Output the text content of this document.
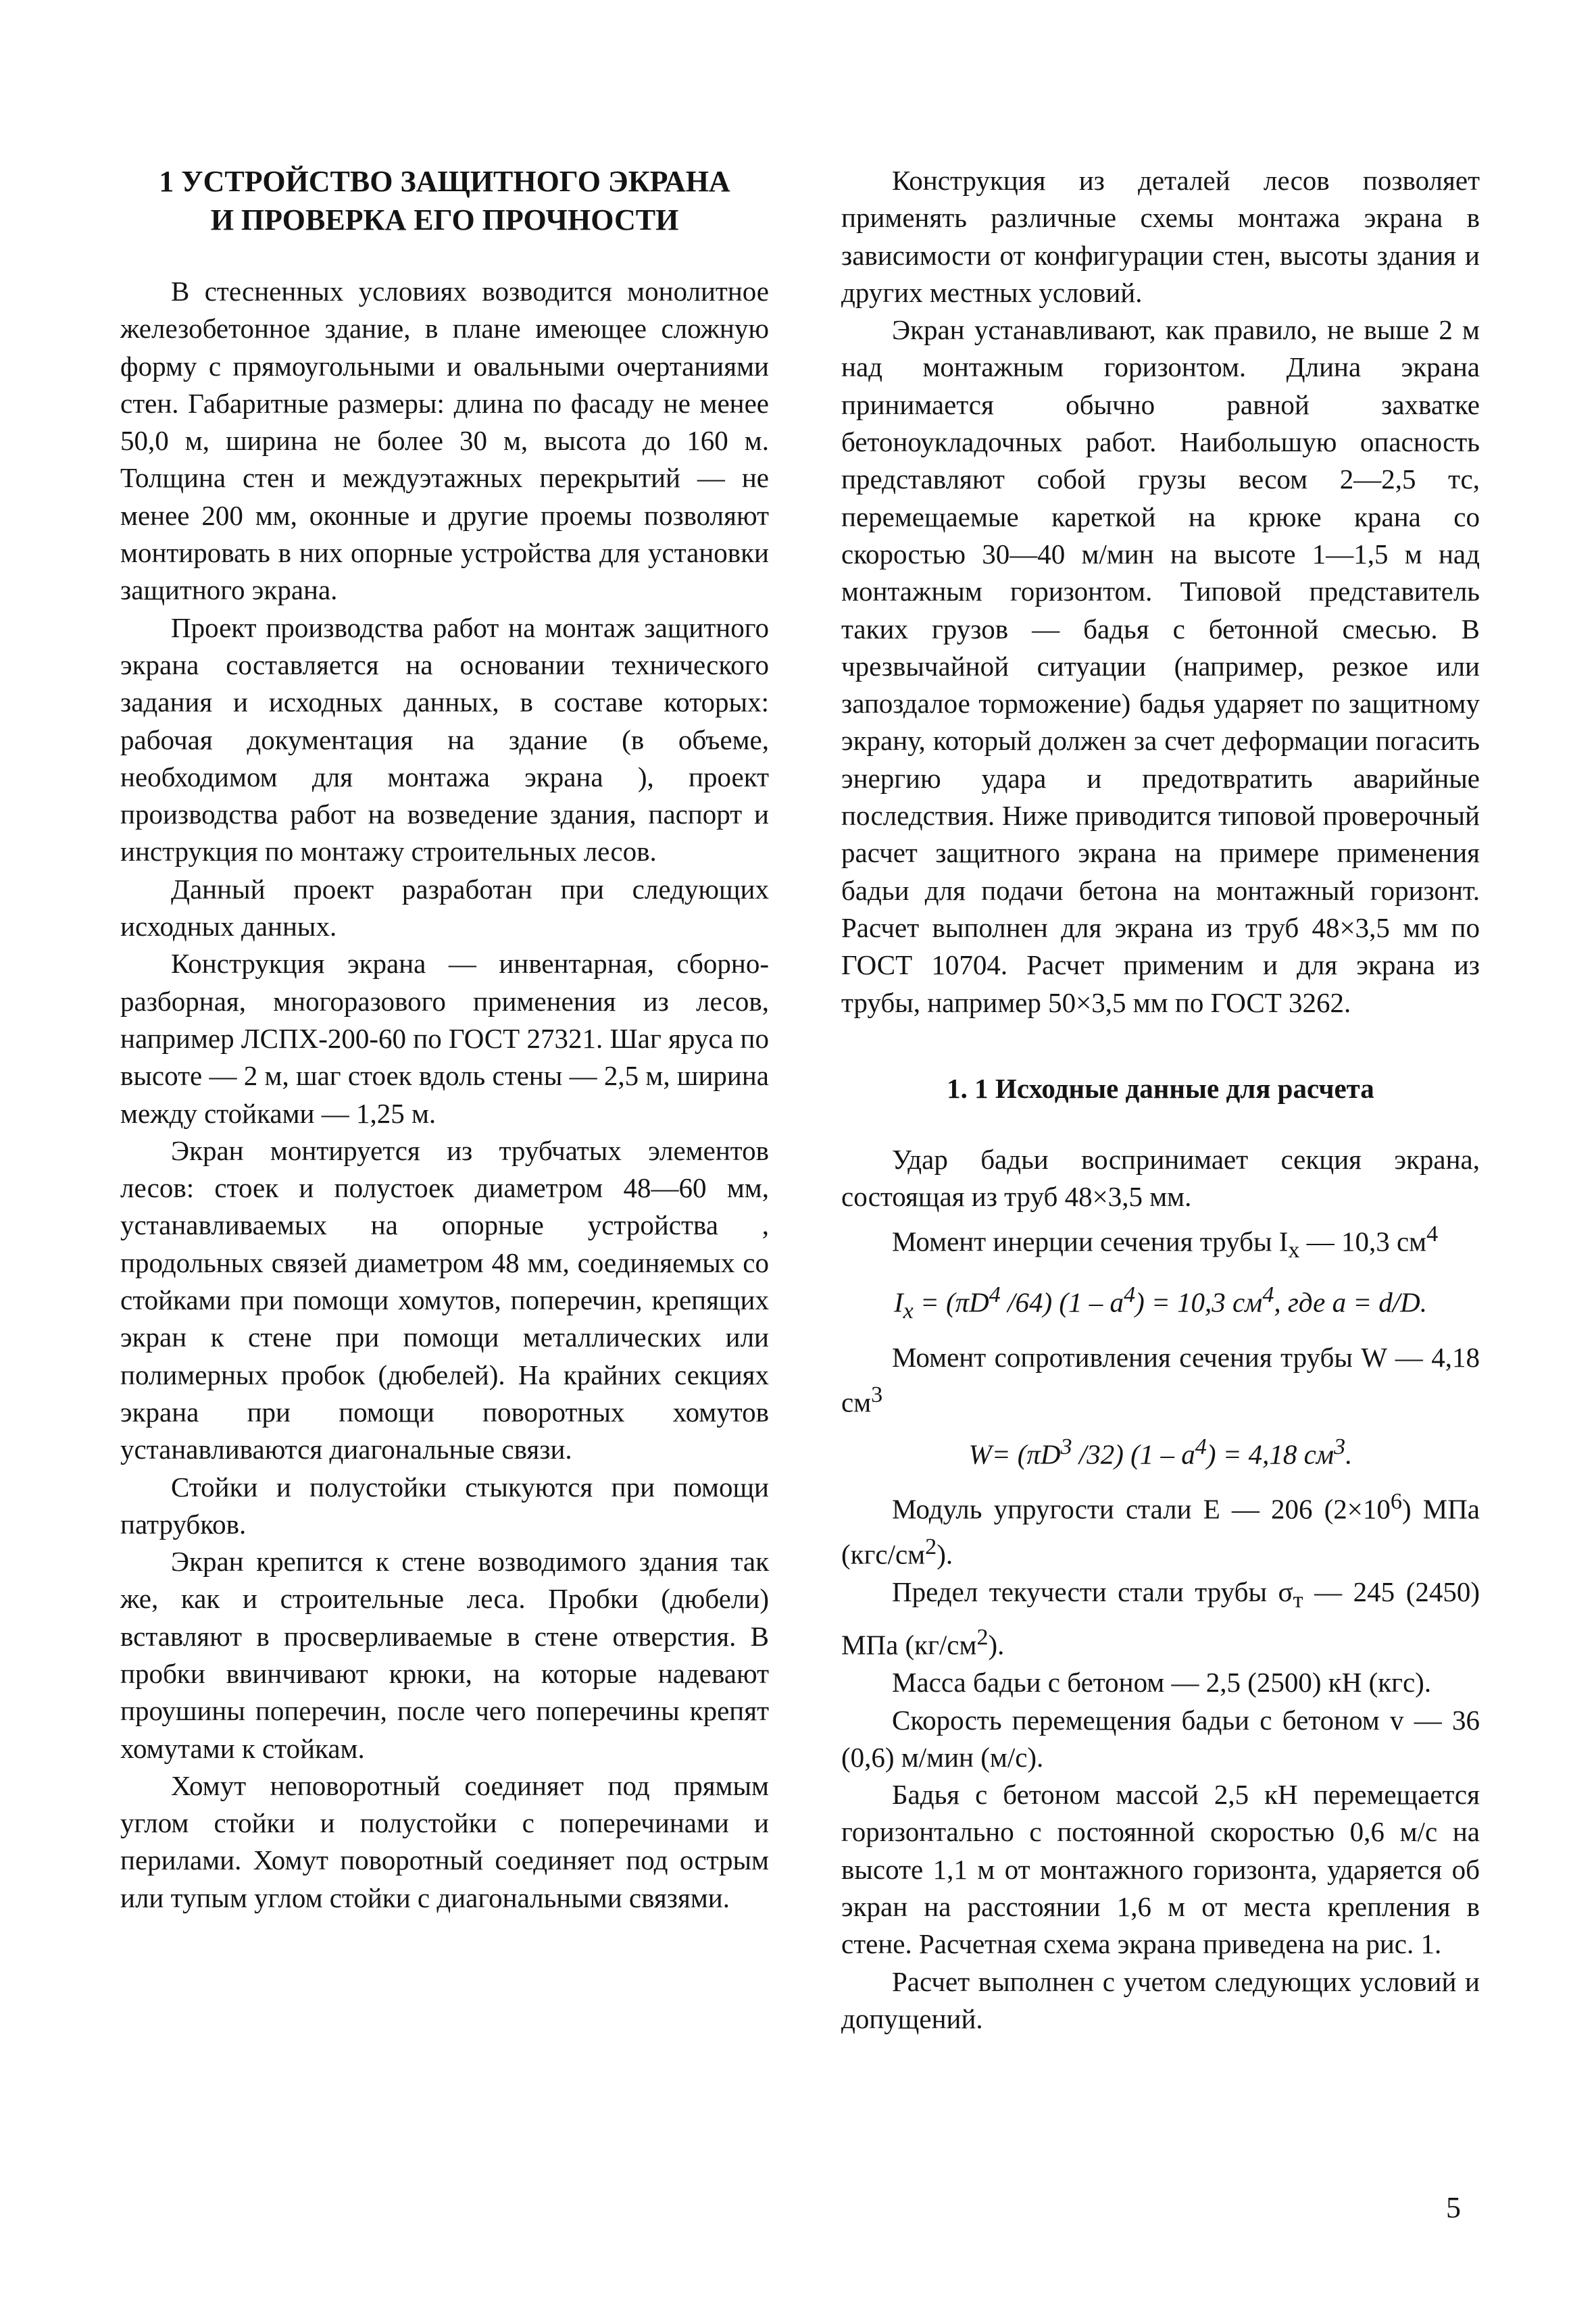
1 УСТРОЙСТВО ЗАЩИТНОГО ЭКРАНА
И ПРОВЕРКА ЕГО ПРОЧНОСТИ

В стесненных условиях возводится монолитное железобетонное здание, в плане имеющее сложную форму с прямоугольными и овальными очертаниями стен. Габаритные размеры: длина по фасаду не менее 50,0 м, ширина не более 30 м, высота до 160 м. Толщина стен и междуэтажных перекрытий — не менее 200 мм, оконные и другие проемы позволяют монтировать в них опорные устройства для установки защитного экрана.

Проект производства работ на монтаж защитного экрана составляется на основании технического задания и исходных данных, в составе которых: рабочая документация на здание (в объеме, необходимом для монтажа экрана ), проект производства работ на возведение здания, паспорт и инструкция по монтажу строительных лесов.

Данный проект разработан при следующих исходных данных.

Конструкция экрана — инвентарная, сборно-разборная, многоразового применения из лесов, например ЛСПХ-200-60 по ГОСТ 27321. Шаг яруса по высоте — 2 м, шаг стоек вдоль стены — 2,5 м, ширина между стойками — 1,25 м.

Экран монтируется из трубчатых элементов лесов: стоек и полустоек диаметром 48—60 мм, устанавливаемых на опорные устройства , продольных связей диаметром 48 мм, соединяемых со стойками при помощи хомутов, поперечин, крепящих экран к стене при помощи металлических или полимерных пробок (дюбелей). На крайних секциях экрана при помощи поворотных хомутов устанавливаются диагональные связи.

Стойки и полустойки стыкуются при помощи патрубков.

Экран крепится к стене возводимого здания так же, как и строительные леса. Пробки (дюбели) вставляют в просверливаемые в стене отверстия. В пробки ввинчивают крюки, на которые надевают проушины поперечин, после чего поперечины крепят хомутами к стойкам.

Хомут неповоротный соединяет под прямым углом стойки и полустойки с поперечинами и перилами. Хомут поворотный соединяет под острым или тупым углом стойки с диагональными связями.

Конструкция из деталей лесов позволяет применять различные схемы монтажа экрана в зависимости от конфигурации стен, высоты здания и других местных условий.

Экран устанавливают, как правило, не выше 2 м над монтажным горизонтом. Длина экрана принимается обычно равной захватке бетоноукладочных работ. Наибольшую опасность представляют собой грузы весом 2—2,5 тс, перемещаемые кареткой на крюке крана со скоростью 30—40 м/мин на высоте 1—1,5 м над монтажным горизонтом. Типовой представитель таких грузов — бадья с бетонной смесью. В чрезвычайной ситуации (например, резкое или запоздалое торможение) бадья ударяет по защитному экрану, который должен за счет деформации погасить энергию удара и предотвратить аварийные последствия. Ниже приводится типовой проверочный расчет защитного экрана на примере применения бадьи для подачи бетона на монтажный горизонт. Расчет выполнен для экрана из труб 48×3,5 мм по ГОСТ 10704. Расчет применим и для экрана из трубы, например 50×3,5 мм по ГОСТ 3262.

1. 1 Исходные данные для расчета

Удар бадьи воспринимает секция экрана, состоящая из труб 48×3,5 мм.

Момент инерции сечения трубы $I_x$ — 10,3 $см^4$

$I_x = (\pi D^4$ /64) $(1 - a^4) = 10,3$ $см^4$, где a = d/D.

Момент сопротивления сечения трубы W — 4,18 $см^3$

$W= (\pi D^3$ /32) $(1 - a^4) = 4,18$ $см^3$.

Модуль упругости стали E — 206 $(2\times 10^6)$ МПа $(кгс/см^2)$.

Предел текучести стали трубы $\sigma_т$ — 245 (2450) МПа $(кг/см^2)$.

Масса бадьи с бетоном — 2,5 (2500) кН (кгс).

Скорость перемещения бадьи с бетоном v — 36 (0,6) м/мин (м/с).

Бадья с бетоном массой 2,5 кН перемещается горизонтально с постоянной скоростью 0,6 м/с на высоте 1,1 м от монтажного горизонта, ударяется об экран на расстоянии 1,6 м от места крепления в стене. Расчетная схема экрана приведена на рис. 1.

Расчет выполнен с учетом следующих условий и допущений.

5
